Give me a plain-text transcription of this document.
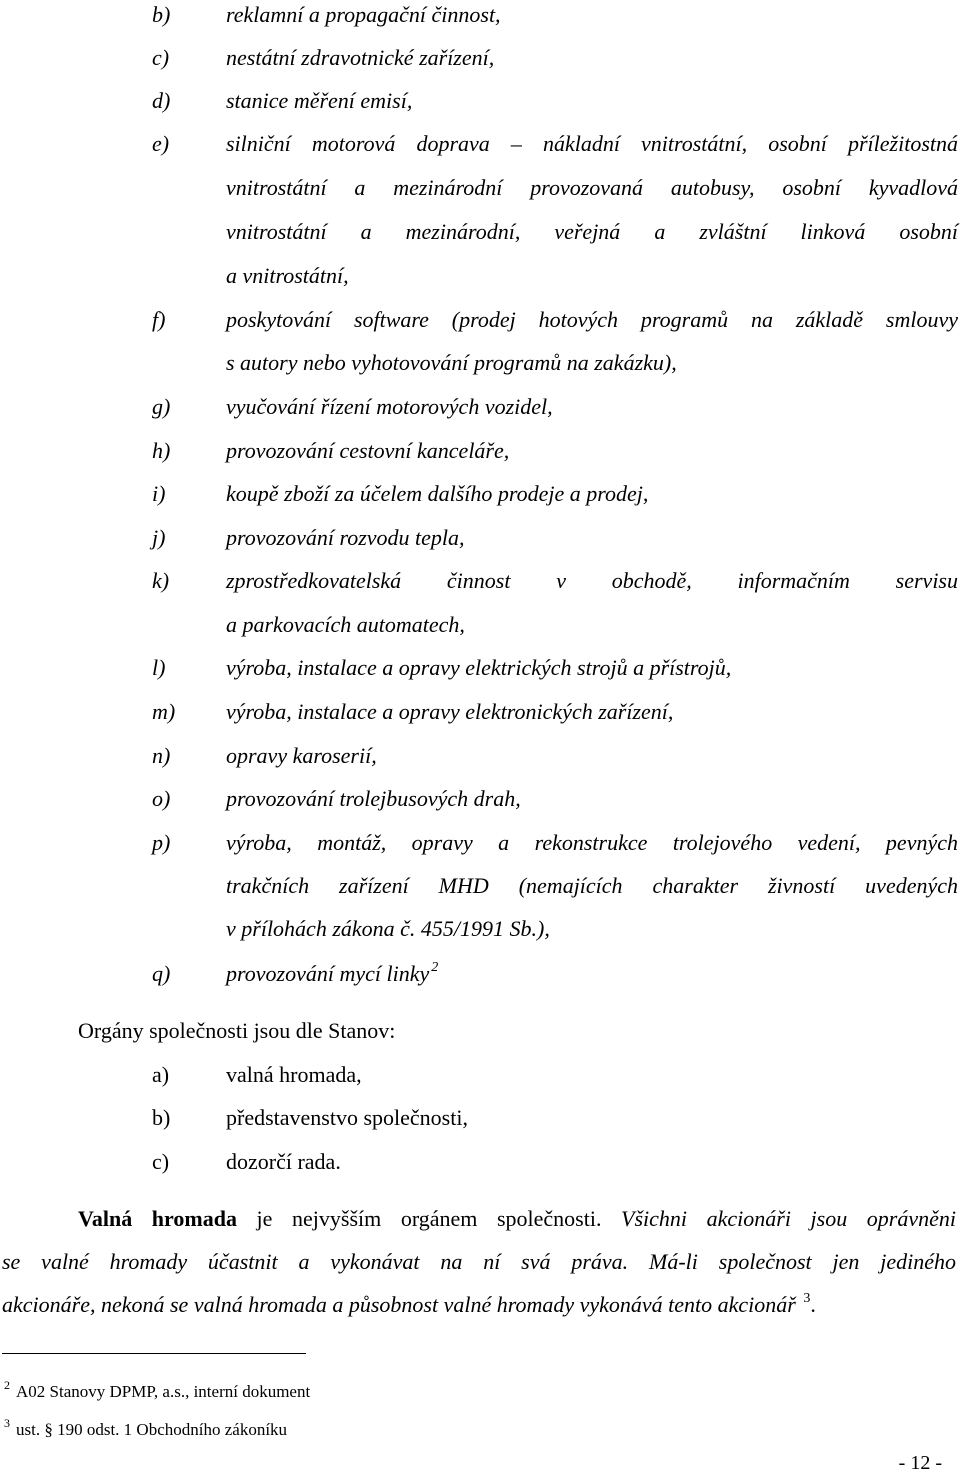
b)	reklamní a propagační činnost,
c)	nestátní zdravotnické zařízení,
d)	stanice měření emisí,
e)	silniční motorová doprava – nákladní vnitrostátní, osobní příležitostná
vnitrostátní a mezinárodní provozovaná autobusy, osobní kyvadlová
vnitrostátní a mezinárodní, veřejná a zvláštní linková osobní
a vnitrostátní,
f)	poskytování software (prodej hotových programů na základě smlouvy
s autory nebo vyhotovování programů na zakázku),
g)	vyučování řízení motorových vozidel,
h)	provozování cestovní kanceláře,
i)	koupě zboží za účelem dalšího prodeje a prodej,
j)	provozování rozvodu tepla,
k)	zprostředkovatelská činnost v obchodě, informačním servisu
a parkovacích automatech,
l)	výroba, instalace a opravy elektrických strojů a přístrojů,
m) výroba, instalace a opravy elektronických zařízení,
n)	opravy karoserií,
o)	provozování trolejbusových drah,
p)	výroba, montáž, opravy a rekonstrukce trolejového vedení, pevných
trakčních zařízení MHD (nemajících charakter živností uvedených
v přílohách zákona č. 455/1991 Sb.),
q)	provozování mycí linky $^2$
Orgány společnosti jsou dle Stanov:
a)	valná hromada,
b)	představenstvo společnosti,
c)	dozorčí rada.
Valná hromada je nejvyšším orgánem společnosti. Všichni akcionáři jsou oprávněni
se valné hromady účastnit a vykonávat na ní svá práva. Má-li společnost jen jediného
akcionáře, nekoná se valná hromada a působnost valné hromady vykonává tento akcionář $^3$.
$^2$ A02 Stanovy DPMP, a.s., interní dokument
$^3$ ust. § 190 odst. 1 Obchodního zákoníku
- 12 -
